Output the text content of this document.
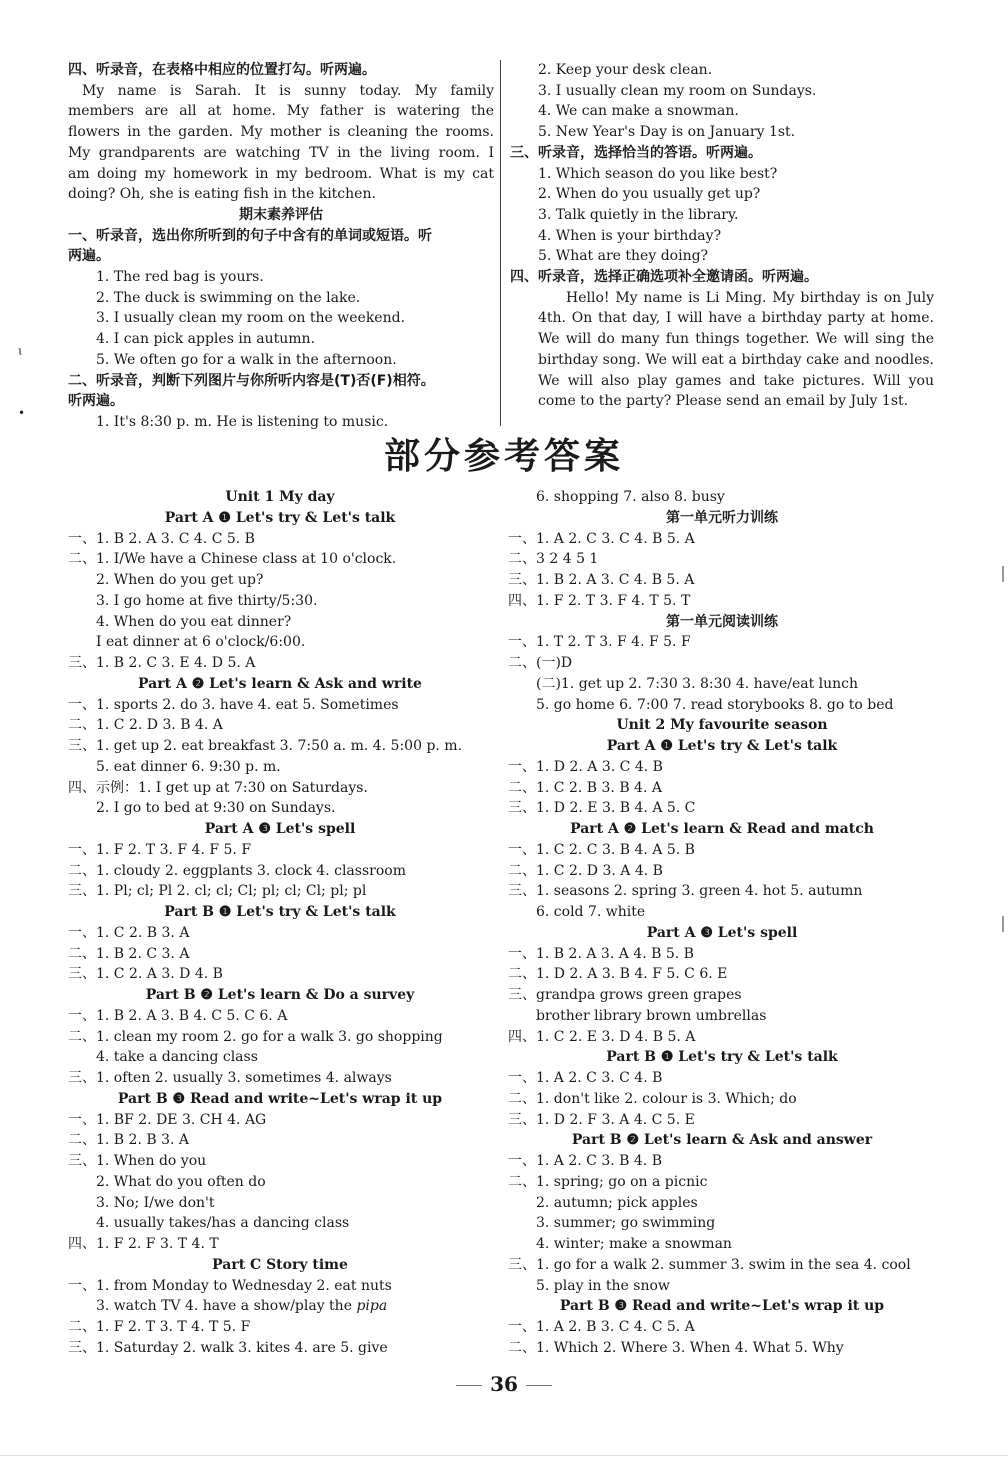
四、听录音，在表格中相应的位置打勾。听两遍。
My name is Sarah. It is sunny today. My family
members are all at home. My father is watering the
flowers in the garden. My mother is cleaning the rooms.
My grandparents are watching TV in the living room. I
am doing my homework in my bedroom. What is my cat
doing? Oh, she is eating fish in the kitchen.
期末素养评估
一、听录音，选出你所听到的句子中含有的单词或短语。听
两遍。
1. The red bag is yours.
2. The duck is swimming on the lake.
3. I usually clean my room on the weekend.
4. I can pick apples in autumn.
5. We often go for a walk in the afternoon.
二、听录音，判断下列图片与你所听内容是(T)否(F)相符。
听两遍。
1. It's 8:30 p. m. He is listening to music.
2. Keep your desk clean.
3. I usually clean my room on Sundays.
4. We can make a snowman.
5. New Year's Day is on January 1st.
三、听录音，选择恰当的答语。听两遍。
1. Which season do you like best?
2. When do you usually get up?
3. Talk quietly in the library.
4. When is your birthday?
5. What are they doing?
四、听录音，选择正确选项补全邀请函。听两遍。
Hello! My name is Li Ming. My birthday is on July
4th. On that day, I will have a birthday party at home.
We will do many fun things together. We will sing the
birthday song. We will eat a birthday cake and noodles.
We will also play games and take pictures. Will you
come to the party? Please send an email by July 1st.
部分参考答案
Unit 1 My day
Part A ❶ Let's try & Let's talk
一、1. B 2. A 3. C 4. C 5. B
二、1. I/We have a Chinese class at 10 o'clock.
2. When do you get up?
3. I go home at five thirty/5:30.
4. When do you eat dinner?
I eat dinner at 6 o'clock/6:00.
三、1. B 2. C 3. E 4. D 5. A
Part A ❷ Let's learn & Ask and write
一、1. sports 2. do 3. have 4. eat 5. Sometimes
二、1. C 2. D 3. B 4. A
三、1. get up 2. eat breakfast 3. 7:50 a. m. 4. 5:00 p. m.
5. eat dinner 6. 9:30 p. m.
四、示例：1. I get up at 7:30 on Saturdays.
2. I go to bed at 9:30 on Sundays.
Part A ❸ Let's spell
一、1. F 2. T 3. F 4. F 5. F
二、1. cloudy 2. eggplants 3. clock 4. classroom
三、1. Pl; cl; Pl 2. cl; cl; Cl; pl; cl; Cl; pl; pl
Part B ❶ Let's try & Let's talk
一、1. C 2. B 3. A
二、1. B 2. C 3. A
三、1. C 2. A 3. D 4. B
Part B ❷ Let's learn & Do a survey
一、1. B 2. A 3. B 4. C 5. C 6. A
二、1. clean my room 2. go for a walk 3. go shopping
4. take a dancing class
三、1. often 2. usually 3. sometimes 4. always
Part B ❸ Read and write~Let's wrap it up
一、1. BF 2. DE 3. CH 4. AG
二、1. B 2. B 3. A
三、1. When do you
2. What do you often do
3. No; I/we don't
4. usually takes/has a dancing class
四、1. F 2. F 3. T 4. T
Part C Story time
一、1. from Monday to Wednesday 2. eat nuts
3. watch TV 4. have a show/play the pipa
二、1. F 2. T 3. T 4. T 5. F
三、1. Saturday 2. walk 3. kites 4. are 5. give
6. shopping 7. also 8. busy
第一单元听力训练
一、1. A 2. C 3. C 4. B 5. A
二、3 2 4 5 1
三、1. B 2. A 3. C 4. B 5. A
四、1. F 2. T 3. F 4. T 5. T
第一单元阅读训练
一、1. T 2. T 3. F 4. F 5. F
二、(一)D
(二)1. get up 2. 7:30 3. 8:30 4. have/eat lunch
5. go home 6. 7:00 7. read storybooks 8. go to bed
Unit 2 My favourite season
Part A ❶ Let's try & Let's talk
一、1. D 2. A 3. C 4. B
二、1. C 2. B 3. B 4. A
三、1. D 2. E 3. B 4. A 5. C
Part A ❷ Let's learn & Read and match
一、1. C 2. C 3. B 4. A 5. B
二、1. C 2. D 3. A 4. B
三、1. seasons 2. spring 3. green 4. hot 5. autumn
6. cold 7. white
Part A ❸ Let's spell
一、1. B 2. A 3. A 4. B 5. B
二、1. D 2. A 3. B 4. F 5. C 6. E
三、grandpa grows green grapes
brother library brown umbrellas
四、1. C 2. E 3. D 4. B 5. A
Part B ❶ Let's try & Let's talk
一、1. A 2. C 3. C 4. B
二、1. don't like 2. colour is 3. Which; do
三、1. D 2. F 3. A 4. C 5. E
Part B ❷ Let's learn & Ask and answer
一、1. A 2. C 3. B 4. B
二、1. spring; go on a picnic
2. autumn; pick apples
3. summer; go swimming
4. winter; make a snowman
三、1. go for a walk 2. summer 3. swim in the sea 4. cool
5. play in the snow
Part B ❸ Read and write~Let's wrap it up
一、1. A 2. B 3. C 4. C 5. A
二、1. Which 2. Where 3. When 4. What 5. Why
36
ɩ
•
